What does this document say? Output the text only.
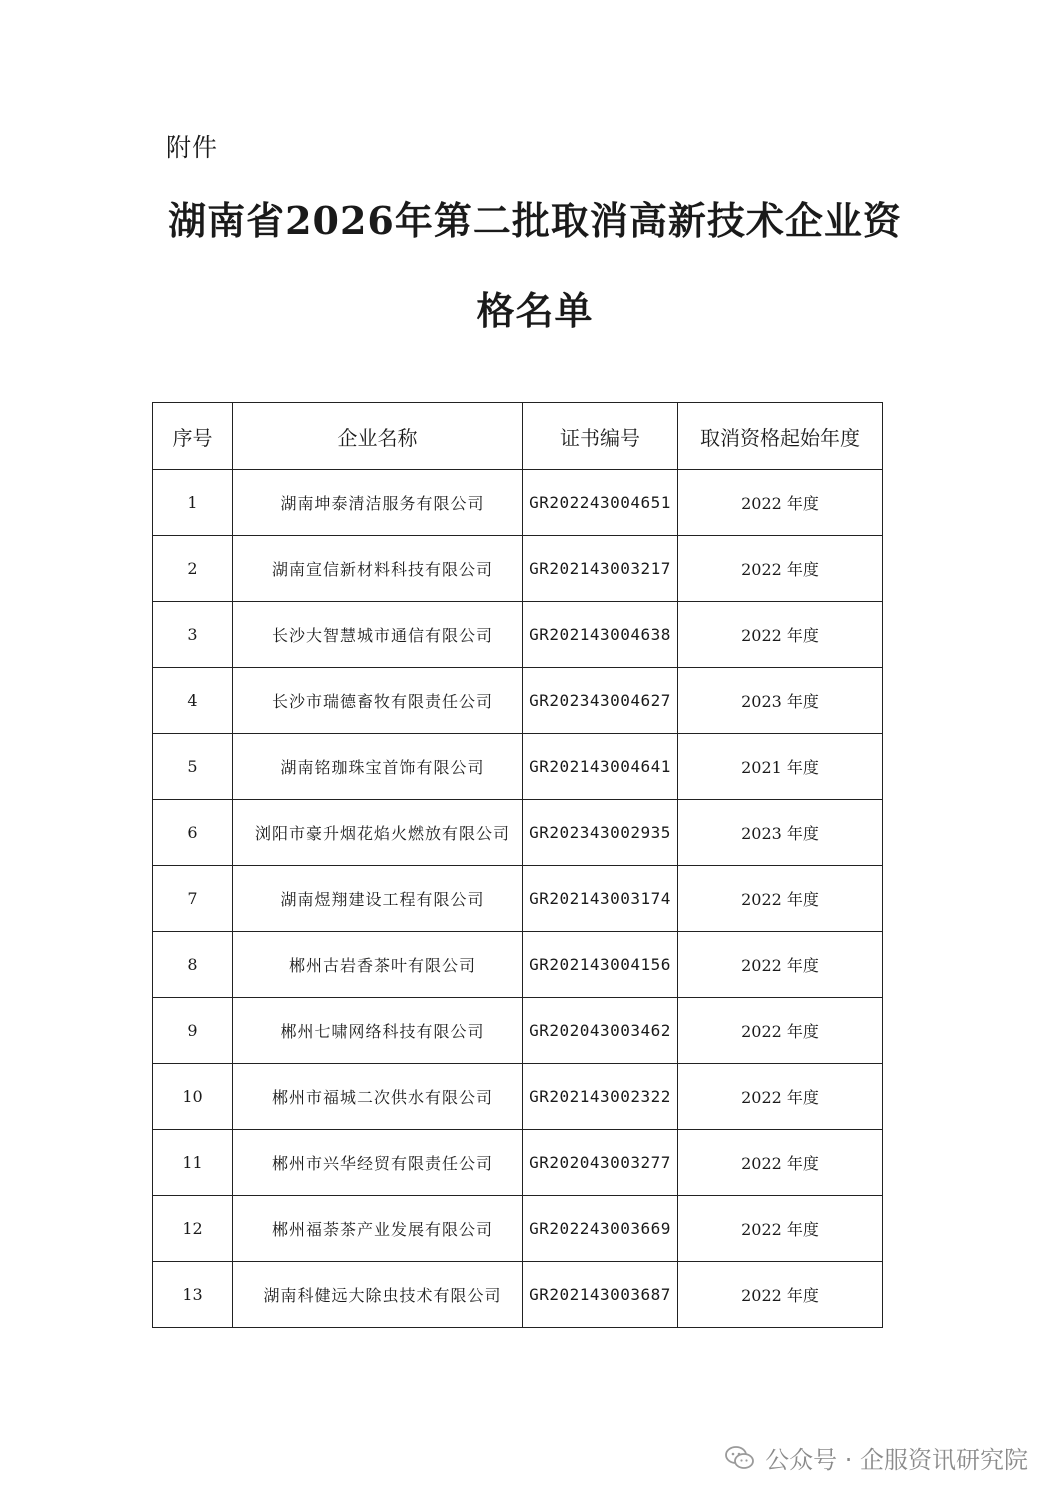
附件
湖南省2026年第二批取消高新技术企业资
格名单
序号	企业名称	证书编号	取消资格起始年度
1	湖南坤泰清洁服务有限公司	GR202243004651	2022 年度
2	湖南宣信新材料科技有限公司	GR202143003217	2022 年度
3	长沙大智慧城市通信有限公司	GR202143004638	2022 年度
4	长沙市瑞德畜牧有限责任公司	GR202343004627	2023 年度
5	湖南铭珈珠宝首饰有限公司	GR202143004641	2021 年度
6	浏阳市豪升烟花焰火燃放有限公司	GR202343002935	2023 年度
7	湖南煜翔建设工程有限公司	GR202143003174	2022 年度
8	郴州古岩香茶叶有限公司	GR202143004156	2022 年度
9	郴州七啸网络科技有限公司	GR202043003462	2022 年度
10	郴州市福城二次供水有限公司	GR202143002322	2022 年度
11	郴州市兴华经贸有限责任公司	GR202043003277	2022 年度
12	郴州福荼茶产业发展有限公司	GR202243003669	2022 年度
13	湖南科健远大除虫技术有限公司	GR202143003687	2022 年度
公众号 · 企服资讯研究院
